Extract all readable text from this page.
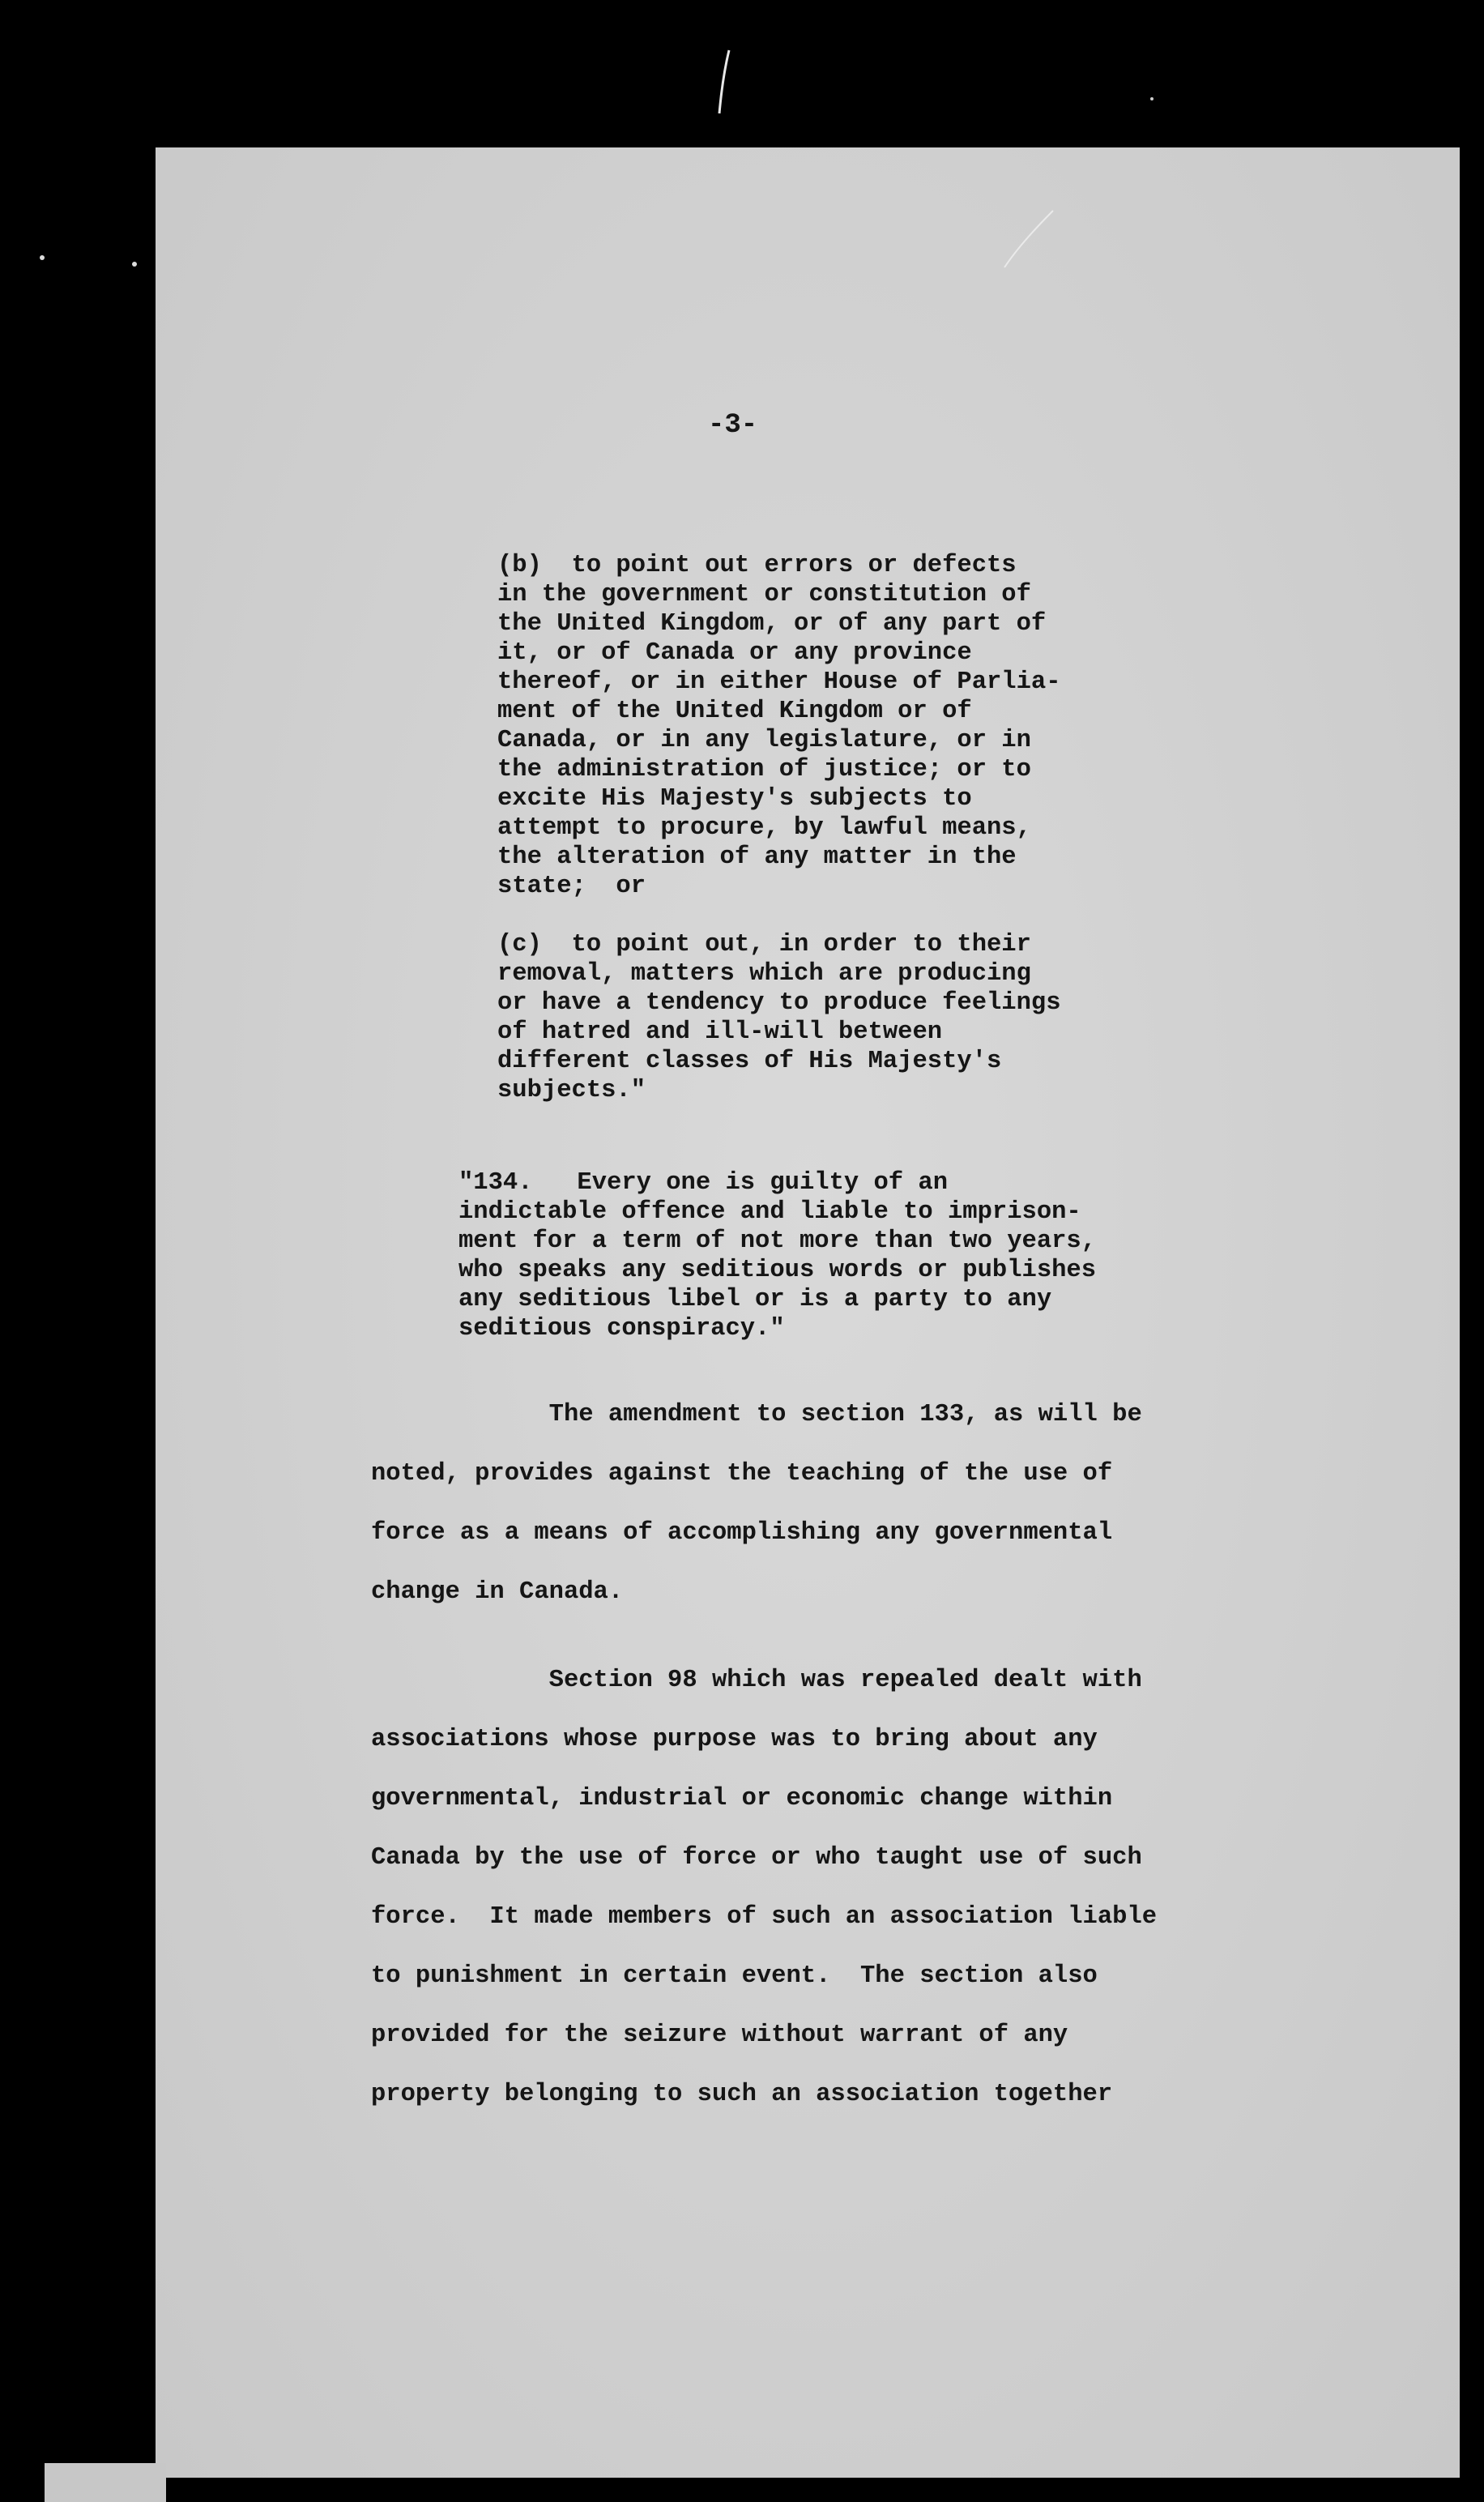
-3-
(b)  to point out errors or defects
in the government or constitution of
the United Kingdom, or of any part of
it, or of Canada or any province
thereof, or in either House of Parlia-
ment of the United Kingdom or of
Canada, or in any legislature, or in
the administration of justice; or to
excite His Majesty's subjects to
attempt to procure, by lawful means,
the alteration of any matter in the
state;  or
(c)  to point out, in order to their
removal, matters which are producing
or have a tendency to produce feelings
of hatred and ill-will between
different classes of His Majesty's
subjects."
"134.   Every one is guilty of an
indictable offence and liable to imprison-
ment for a term of not more than two years,
who speaks any seditious words or publishes
any seditious libel or is a party to any
seditious conspiracy."
The amendment to section 133, as will be
noted, provides against the teaching of the use of
force as a means of accomplishing any governmental
change in Canada.
Section 98 which was repealed dealt with
associations whose purpose was to bring about any
governmental, industrial or economic change within
Canada by the use of force or who taught use of such
force.  It made members of such an association liable
to punishment in certain event.  The section also
provided for the seizure without warrant of any
property belonging to such an association together
